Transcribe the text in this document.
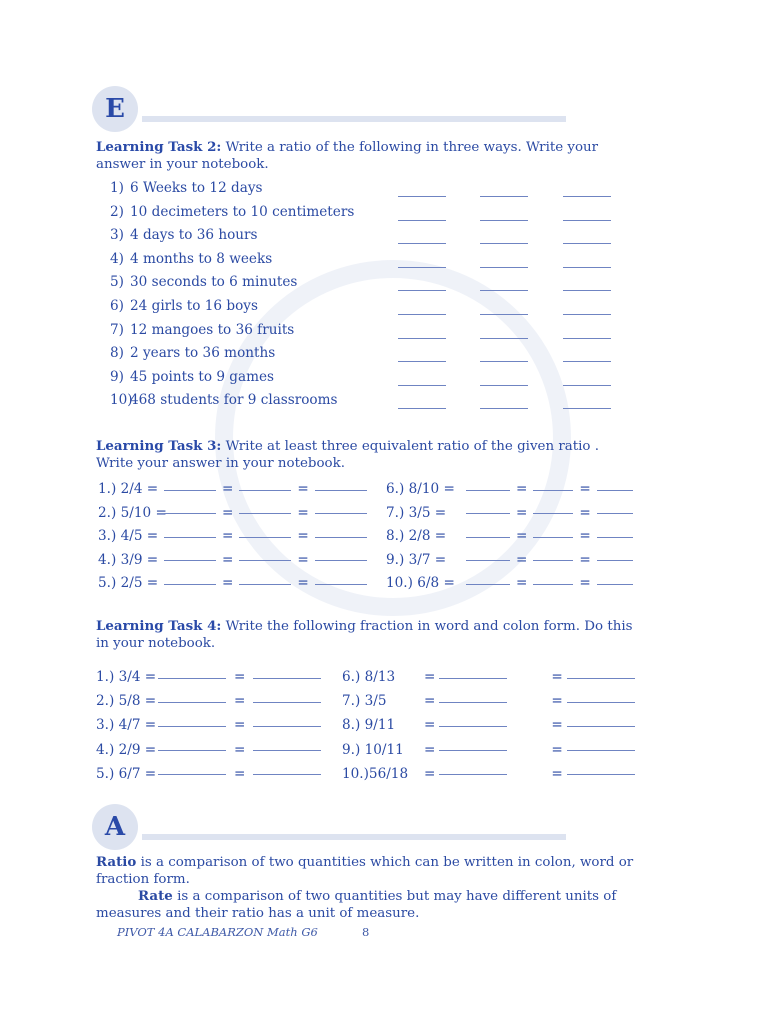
E
Learning Task 2: Write a ratio of the following in three ways. Write your answer in your notebook.
1) 6 Weeks to 12 days
2) 10 decimeters to 10 centimeters
3) 4 days to 36 hours
4) 4 months to 8 weeks
5) 30 seconds to 6 minutes
6) 24 girls to 16 boys
7) 12 mangoes to 36 fruits
8) 2 years to 36 months
9) 45 points to 9 games
10)468 students for 9 classrooms
Learning Task 3: Write at least three equivalent ratio of the given ratio . Write your answer in your notebook.
1.) 2/4 =	=	=	6.) 8/10 =	=	=
2.) 5/10 =	=	=	7.) 3/5 =	=	=
3.) 4/5 =	=	=	8.) 2/8 =	=	=
4.) 3/9 =	=	=	9.) 3/7 =	=	=
5.) 2/5 =	=	=	10.) 6/8 =	=	=
Learning Task 4: Write the following fraction in word and colon form. Do this in your notebook.
1.) 3/4 =	=	6.) 8/13 =	=
2.) 5/8 =	=	7.) 3/5	=	=
3.) 4/7 =	=	8.) 9/11 =	=
4.) 2/9 =	=	9.) 10/11 =	=
5.) 6/7 =	=	10.)56/18 =	=
A
Ratio is a comparison of two quantities which can be written in colon, word or fraction form.
Rate is a comparison of two quantities but may have different units of measures and their ratio has a unit of measure.
PIVOT 4A CALABARZON Math G6	8
